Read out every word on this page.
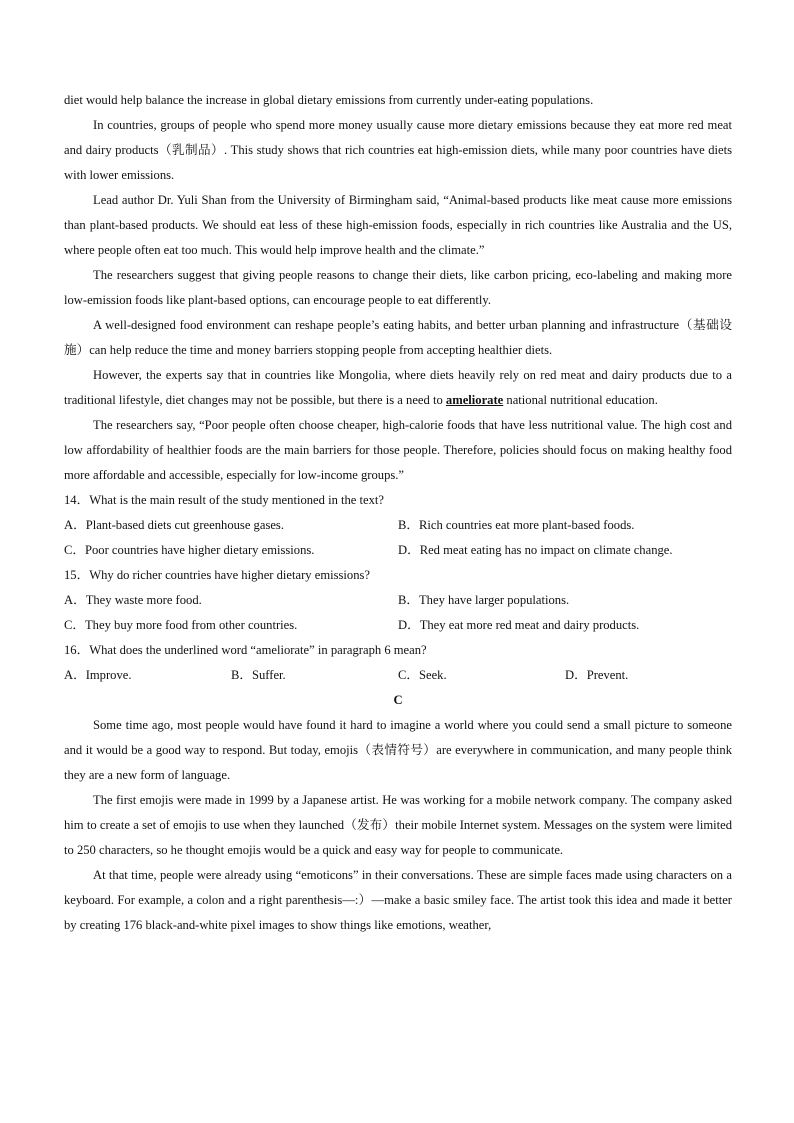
diet would help balance the increase in global dietary emissions from currently under-eating populations.

In countries, groups of people who spend more money usually cause more dietary emissions because they eat more red meat and dairy products（乳制品）. This study shows that rich countries eat high-emission diets, while many poor countries have diets with lower emissions.

Lead author Dr. Yuli Shan from the University of Birmingham said, “Animal-based products like meat cause more emissions than plant-based products. We should eat less of these high-emission foods, especially in rich countries like Australia and the US, where people often eat too much. This would help improve health and the climate.”

The researchers suggest that giving people reasons to change their diets, like carbon pricing, eco-labeling and making more low-emission foods like plant-based options, can encourage people to eat differently.

A well-designed food environment can reshape people’s eating habits, and better urban planning and infrastructure（基础设施）can help reduce the time and money barriers stopping people from accepting healthier diets.

However, the experts say that in countries like Mongolia, where diets heavily rely on red meat and dairy products due to a traditional lifestyle, diet changes may not be possible, but there is a need to ameliorate national nutritional education.

The researchers say, “Poor people often choose cheaper, high-calorie foods that have less nutritional value. The high cost and low affordability of healthier foods are the main barriers for those people. Therefore, policies should focus on making healthy food more affordable and accessible, especially for low-income groups.”

14．What is the main result of the study mentioned in the text?

A．Plant-based diets cut greenhouse gases.	B．Rich countries eat more plant-based foods.
C．Poor countries have higher dietary emissions.	D．Red meat eating has no impact on climate change.

15．Why do richer countries have higher dietary emissions?

A．They waste more food.	B．They have larger populations.
C．They buy more food from other countries.	D．They eat more red meat and dairy products.

16．What does the underlined word “ameliorate” in paragraph 6 mean?

A．Improve.	B．Suffer.	C．Seek.	D．Prevent.

C

Some time ago, most people would have found it hard to imagine a world where you could send a small picture to someone and it would be a good way to respond. But today, emojis（表情符号）are everywhere in communication, and many people think they are a new form of language.

The first emojis were made in 1999 by a Japanese artist. He was working for a mobile network company. The company asked him to create a set of emojis to use when they launched（发布）their mobile Internet system. Messages on the system were limited to 250 characters, so he thought emojis would be a quick and easy way for people to communicate.

At that time, people were already using “emoticons” in their conversations. These are simple faces made using characters on a keyboard. For example, a colon and a right parenthesis—:）—make a basic smiley face. The artist took this idea and made it better by creating 176 black-and-white pixel images to show things like emotions, weather,
